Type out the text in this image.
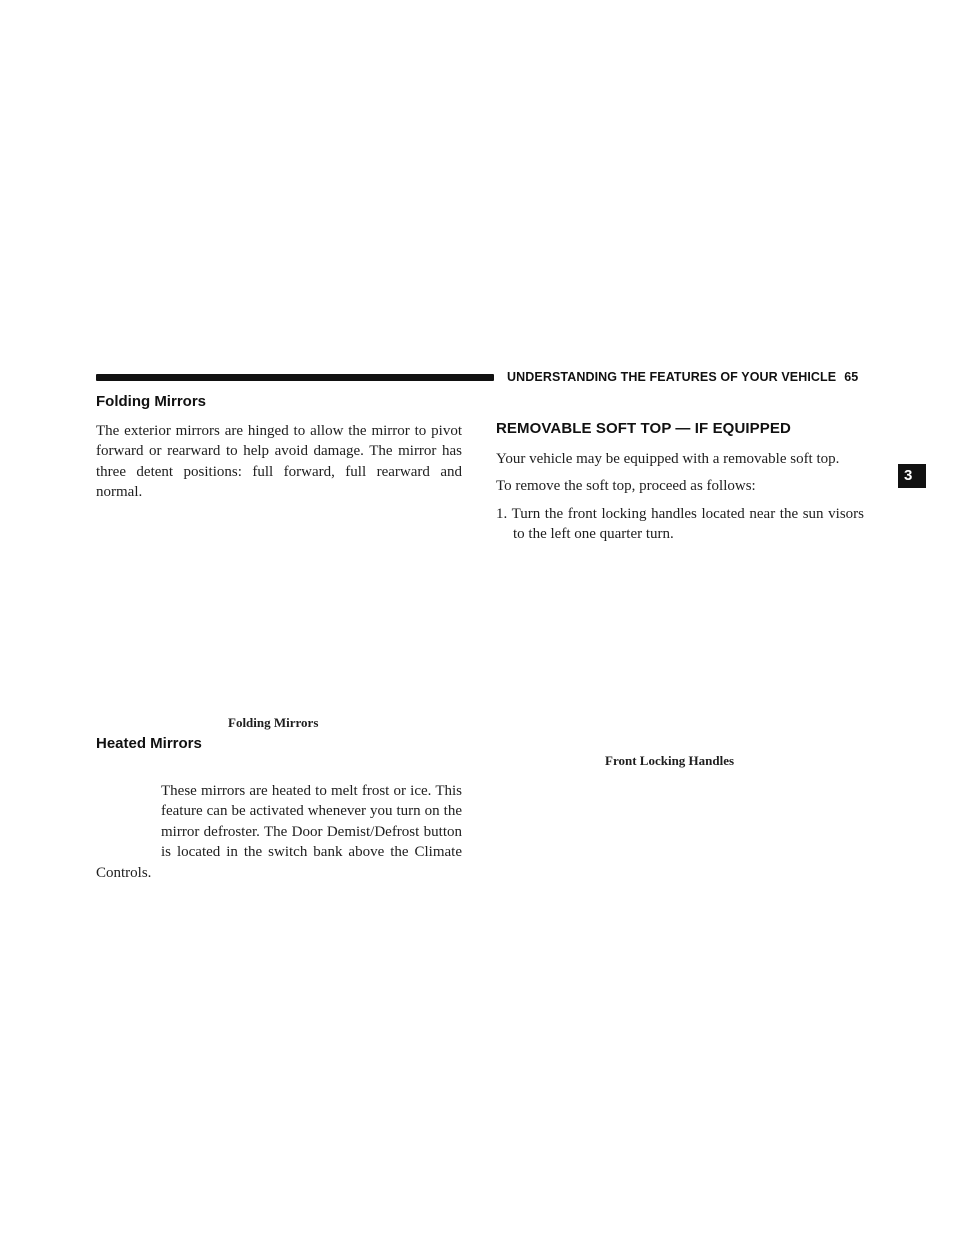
UNDERSTANDING THE FEATURES OF YOUR VEHICLE 65
3
Folding Mirrors

The exterior mirrors are hinged to allow the mirror to pivot forward or rearward to help avoid damage. The mirror has three detent positions: full forward, full rearward and normal.

Folding Mirrors
Heated Mirrors

These mirrors are heated to melt frost or ice. This feature can be activated whenever you turn on the mirror defroster. The Door Demist/Defrost button is located in the switch bank above the Climate Controls.

REMOVABLE SOFT TOP — IF EQUIPPED

Your vehicle may be equipped with a removable soft top.

To remove the soft top, proceed as follows:

1. Turn the front locking handles located near the sun visors to the left one quarter turn.
Front Locking Handles
